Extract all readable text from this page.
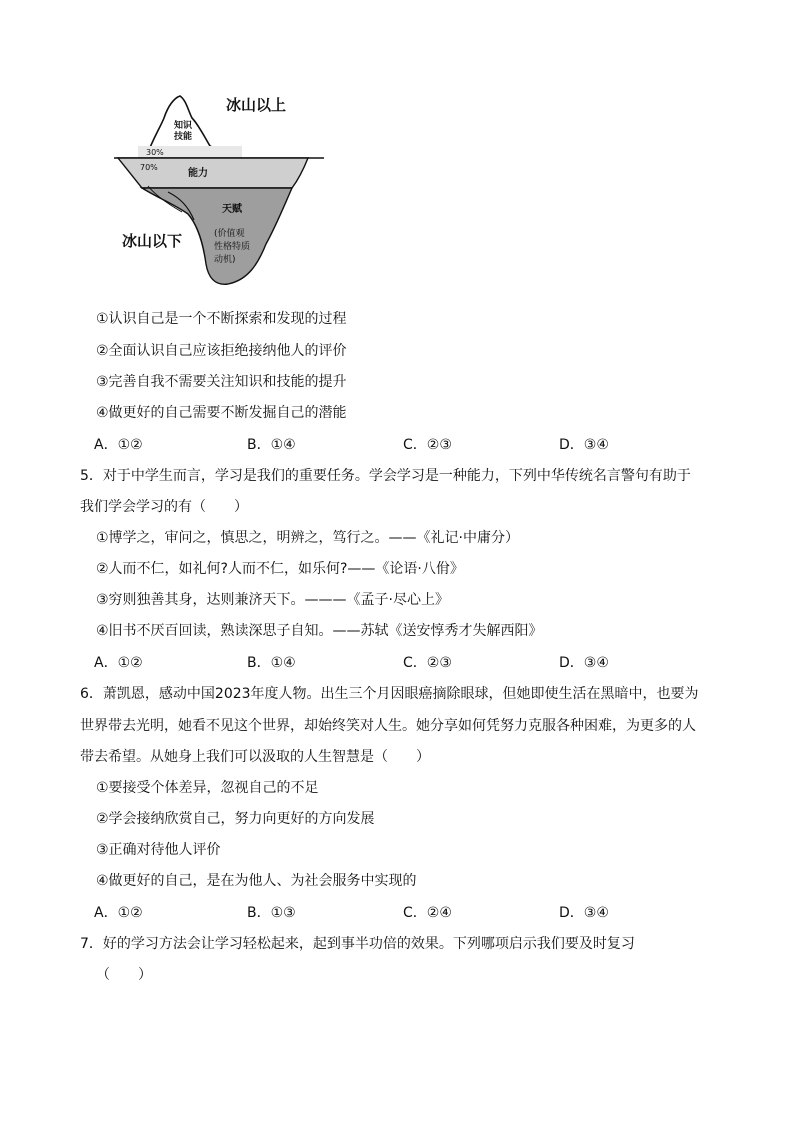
冰山以上
知识
技能
30%
70%
能力
天赋
冰山以下	(价值观
性格特质
动机)
①认识自己是一个不断探索和发现的过程
②全面认识自己应该拒绝接纳他人的评价
③完善自我不需要关注知识和技能的提升
④做更好的自己需要不断发掘自己的潜能
A．①②	B．①④	C．②③	D．③④
5．对于中学生而言，学习是我们的重要任务。学会学习是一种能力，下列中华传统名言警句有助于
我们学会学习的有（　　）
①博学之，审问之，慎思之，明辨之，笃行之。——《礼记·中庸分）
②人而不仁，如礼何?人而不仁，如乐何?——《论语·八佾》
③穷则独善其身，达则兼济天下。———《孟子·尽心上》
④旧书不厌百回读，熟读深思子自知。——苏轼《送安惇秀才失解西阳》
A．①②	B．①④	C．②③	D．③④
6．萧凯恩，感动中国2023年度人物。出生三个月因眼癌摘除眼球，但她即使生活在黑暗中，也要为
世界带去光明，她看不见这个世界，却始终笑对人生。她分享如何凭努力克服各种困难，为更多的人
带去希望。从她身上我们可以汲取的人生智慧是（　　）
①要接受个体差异，忽视自己的不足
②学会接纳欣赏自己，努力向更好的方向发展
③正确对待他人评价
④做更好的自己，是在为他人、为社会服务中实现的
A．①②	B．①③	C．②④	D．③④
7．好的学习方法会让学习轻松起来，起到事半功倍的效果。下列哪项启示我们要及时复习
（　　）
